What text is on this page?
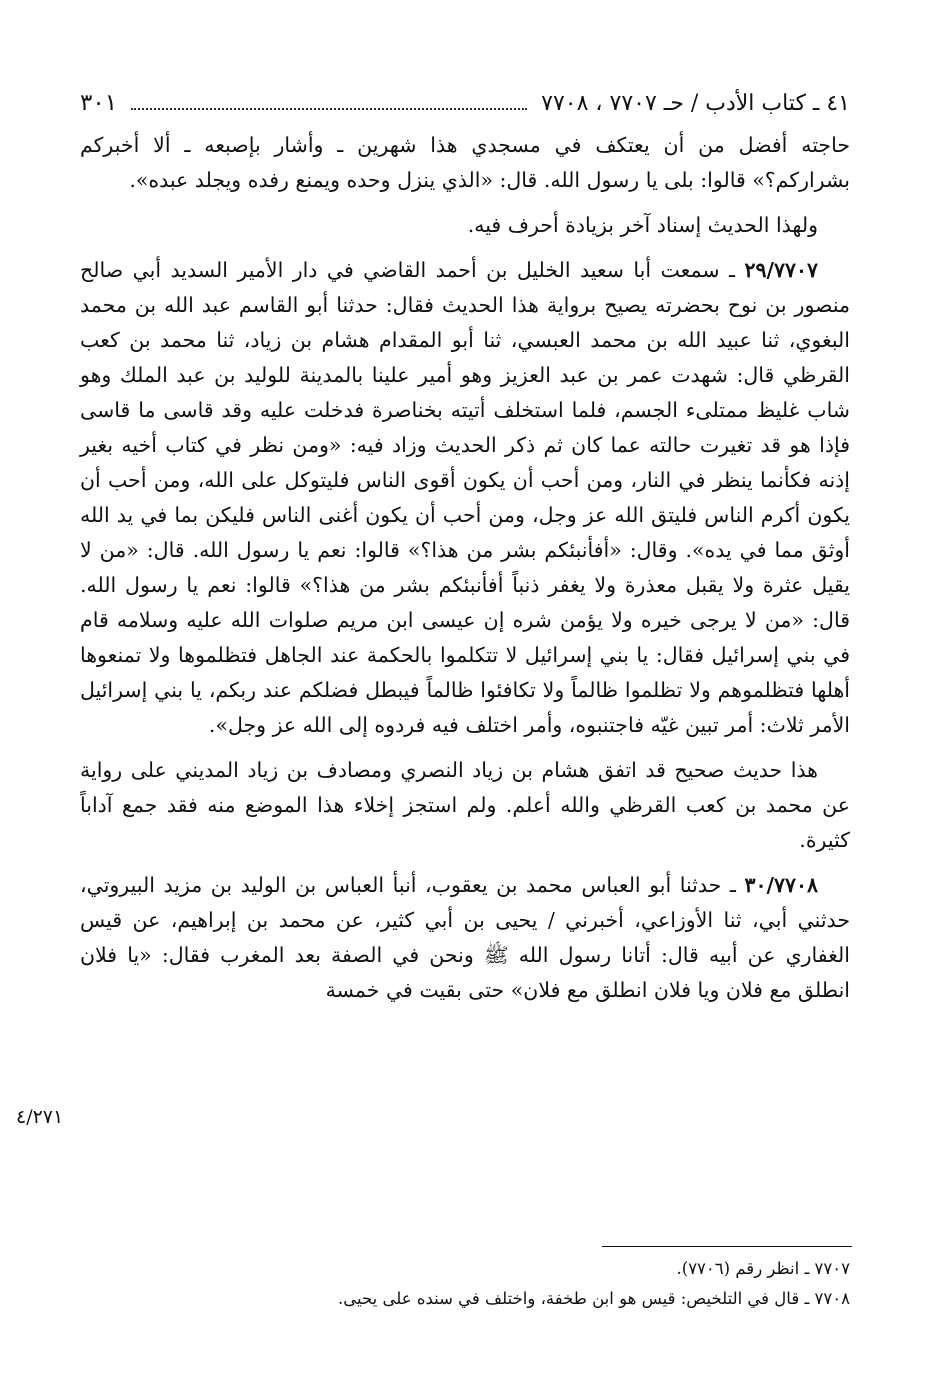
٤١ ـ كتاب الأدب / حـ ٧٧٠٧ ، ٧٧٠٨
٣٠١

حاجته أفضل من أن يعتكف في مسجدي هذا شهرين ـ وأشار بإصبعه ـ ألا أخبركم بشراركم؟» قالوا: بلى يا رسول الله. قال: «الذي ينزل وحده ويمنع رفده ويجلد عبده».

ولهذا الحديث إسناد آخر بزيادة أحرف فيه.

٢٩/٧٧٠٧ ـ سمعت أبا سعيد الخليل بن أحمد القاضي في دار الأمير السديد أبي صالح منصور بن نوح بحضرته يصيح برواية هذا الحديث فقال: حدثنا أبو القاسم عبد الله بن محمد البغوي، ثنا عبيد الله بن محمد العبسي، ثنا أبو المقدام هشام بن زياد، ثنا محمد بن كعب القرظي قال: شهدت عمر بن عبد العزيز وهو أمير علينا بالمدينة للوليد بن عبد الملك وهو شاب غليظ ممتلىء الجسم، فلما استخلف أتيته بخناصرة فدخلت عليه وقد قاسى ما قاسى فإذا هو قد تغيرت حالته عما كان ثم ذكر الحديث وزاد فيه: «ومن نظر في كتاب أخيه بغير إذنه فكأنما ينظر في النار، ومن أحب أن يكون أقوى الناس فليتوكل على الله، ومن أحب أن يكون أكرم الناس فليتق الله عز وجل، ومن أحب أن يكون أغنى الناس فليكن بما في يد الله أوثق مما في يده». وقال: «أفأنبئكم بشر من هذا؟» قالوا: نعم يا رسول الله. قال: «من لا يقيل عثرة ولا يقبل معذرة ولا يغفر ذنباً أفأنبئكم بشر من هذا؟» قالوا: نعم يا رسول الله. قال: «من لا يرجى خيره ولا يؤمن شره إن عيسى ابن مريم صلوات الله عليه وسلامه قام في بني إسرائيل فقال: يا بني إسرائيل لا تتكلموا بالحكمة عند الجاهل فتظلموها ولا تمنعوها أهلها فتظلموهم ولا تظلموا ظالماً ولا تكافئوا ظالماً فيبطل فضلكم عند ربكم، يا بني إسرائيل الأمر ثلاث: أمر تبين غيّه فاجتنبوه، وأمر اختلف فيه فردوه إلى الله عز وجل».

هذا حديث صحيح قد اتفق هشام بن زياد النصري ومصادف بن زياد المديني على رواية عن محمد بن كعب القرظي والله أعلم. ولم استجز إخلاء هذا الموضع منه فقد جمع آداباً كثيرة.

٣٠/٧٧٠٨ ـ حدثنا أبو العباس محمد بن يعقوب، أنبأ العباس بن الوليد بن مزيد البيروتي، حدثني أبي، ثنا الأوزاعي، أخبرني / يحيى بن أبي كثير، عن محمد بن إبراهيم، عن قيس الغفاري عن أبيه قال: أتانا رسول الله ﷺ ونحن في الصفة بعد المغرب فقال: «يا فلان انطلق مع فلان ويا فلان انطلق مع فلان» حتى بقيت في خمسة

٤/٢٧١
٧٧٠٧ ـ انظر رقم (٧٧٠٦).
٧٧٠٨ ـ قال في التلخيص: قيس هو ابن طخفة، واختلف في سنده على يحيى.
